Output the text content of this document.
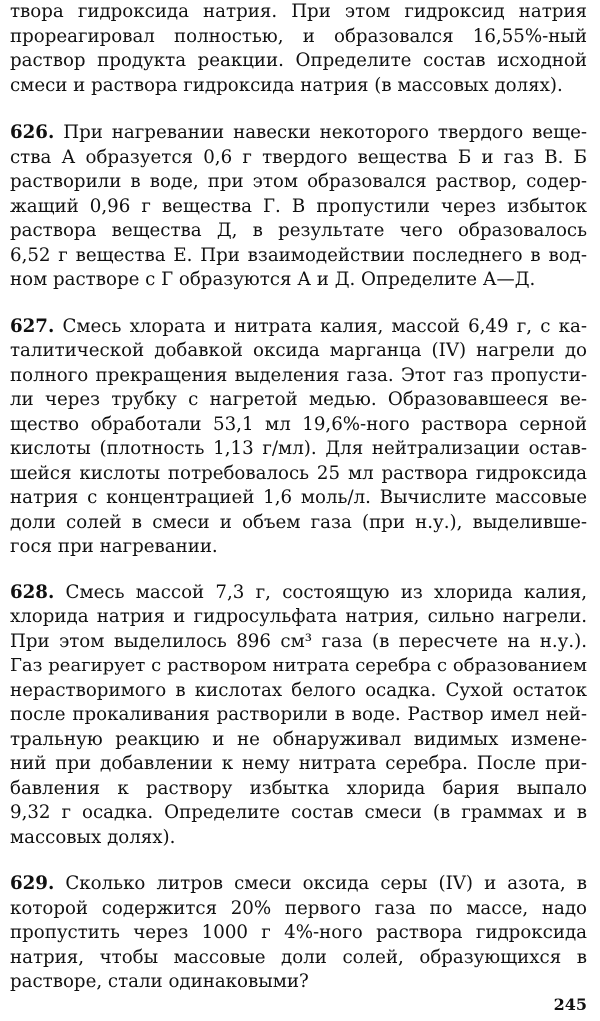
твора гидроксида натрия. При этом гидроксид натрия
прореагировал полностью, и образовался 16,55%-ный
раствор продукта реакции. Определите состав исходной
смеси и раствора гидроксида натрия (в массовых долях).
626. При нагревании навески некоторого твердого веще-
ства А образуется 0,6 г твердого вещества Б и газ В. Б
растворили в воде, при этом образовался раствор, содер-
жащий 0,96 г вещества Г. В пропустили через избыток
раствора вещества Д, в результате чего образовалось
6,52 г вещества Е. При взаимодействии последнего в вод-
ном растворе с Г образуются А и Д. Определите А—Д.
627. Смесь хлората и нитрата калия, массой 6,49 г, с ка-
талитической добавкой оксида марганца (IV) нагрели до
полного прекращения выделения газа. Этот газ пропусти-
ли через трубку с нагретой медью. Образовавшееся ве-
щество обработали 53,1 мл 19,6%-ного раствора серной
кислоты (плотность 1,13 г/мл). Для нейтрализации остав-
шейся кислоты потребовалось 25 мл раствора гидроксида
натрия с концентрацией 1,6 моль/л. Вычислите массовые
доли солей в смеси и объем газа (при н.у.), выделивше-
гося при нагревании.
628. Смесь массой 7,3 г, состоящую из хлорида калия,
хлорида натрия и гидросульфата натрия, сильно нагрели.
При этом выделилось 896 см³ газа (в пересчете на н.у.).
Газ реагирует с раствором нитрата серебра с образованием
нерастворимого в кислотах белого осадка. Сухой остаток
после прокаливания растворили в воде. Раствор имел ней-
тральную реакцию и не обнаруживал видимых измене-
ний при добавлении к нему нитрата серебра. После при-
бавления к раствору избытка хлорида бария выпало
9,32 г осадка. Определите состав смеси (в граммах и в
массовых долях).
629. Сколько литров смеси оксида серы (IV) и азота, в
которой содержится 20% первого газа по массе, надо
пропустить через 1000 г 4%-ного раствора гидроксида
натрия, чтобы массовые доли солей, образующихся в
растворе, стали одинаковыми?
245
